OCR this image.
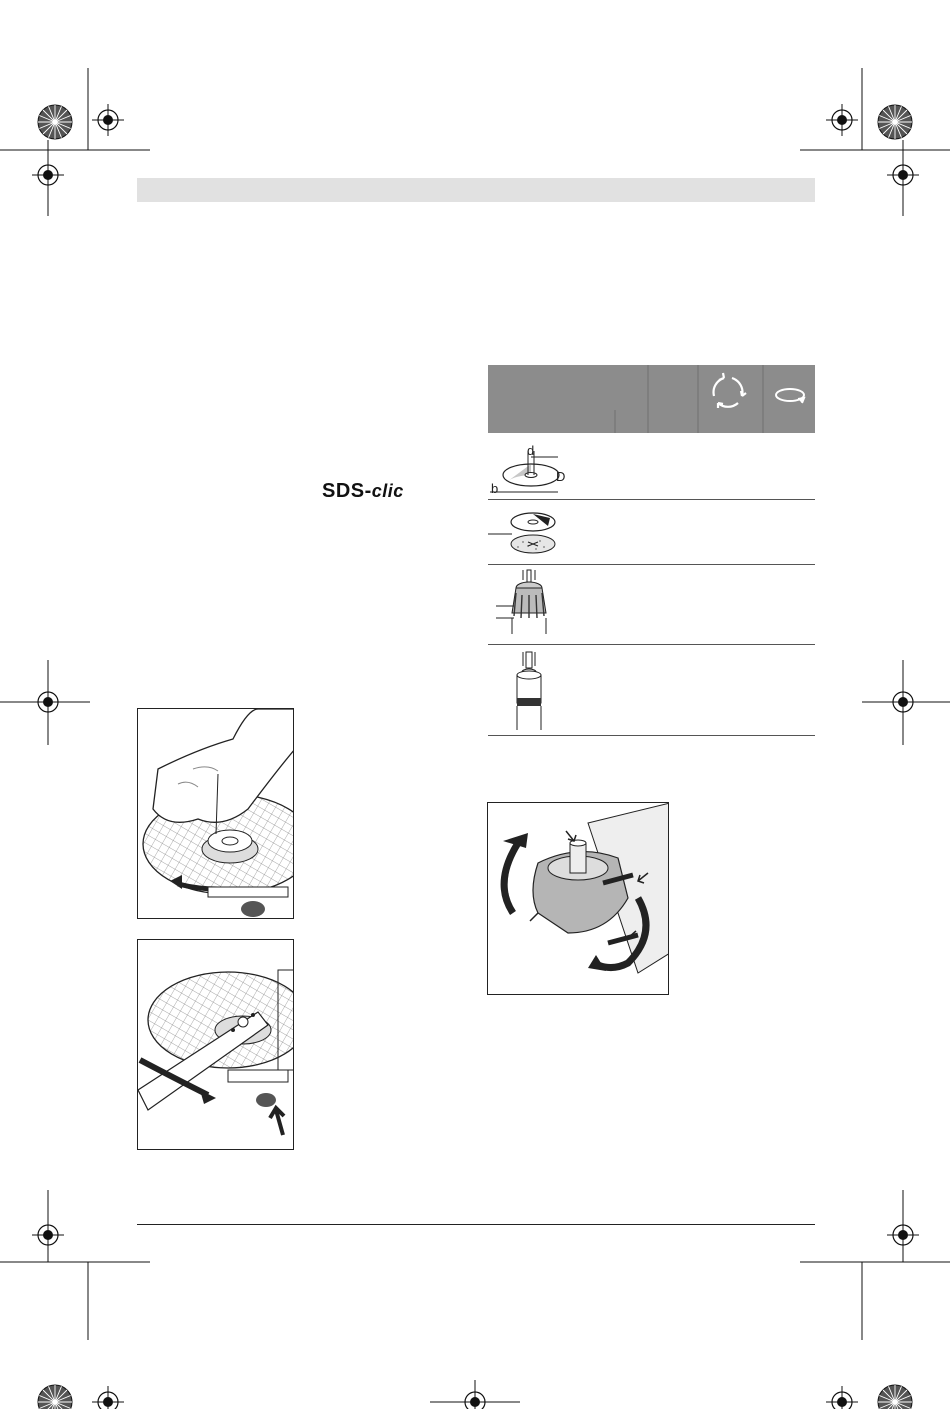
SDS-clic
d
D
b
